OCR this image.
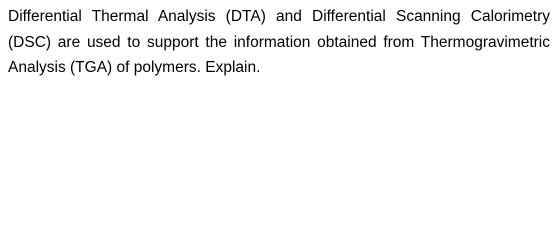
Differential Thermal Analysis (DTA) and Differential Scanning Calorimetry
(DSC) are used to support the information obtained from Thermogravimetric
Analysis (TGA) of polymers. Explain.
